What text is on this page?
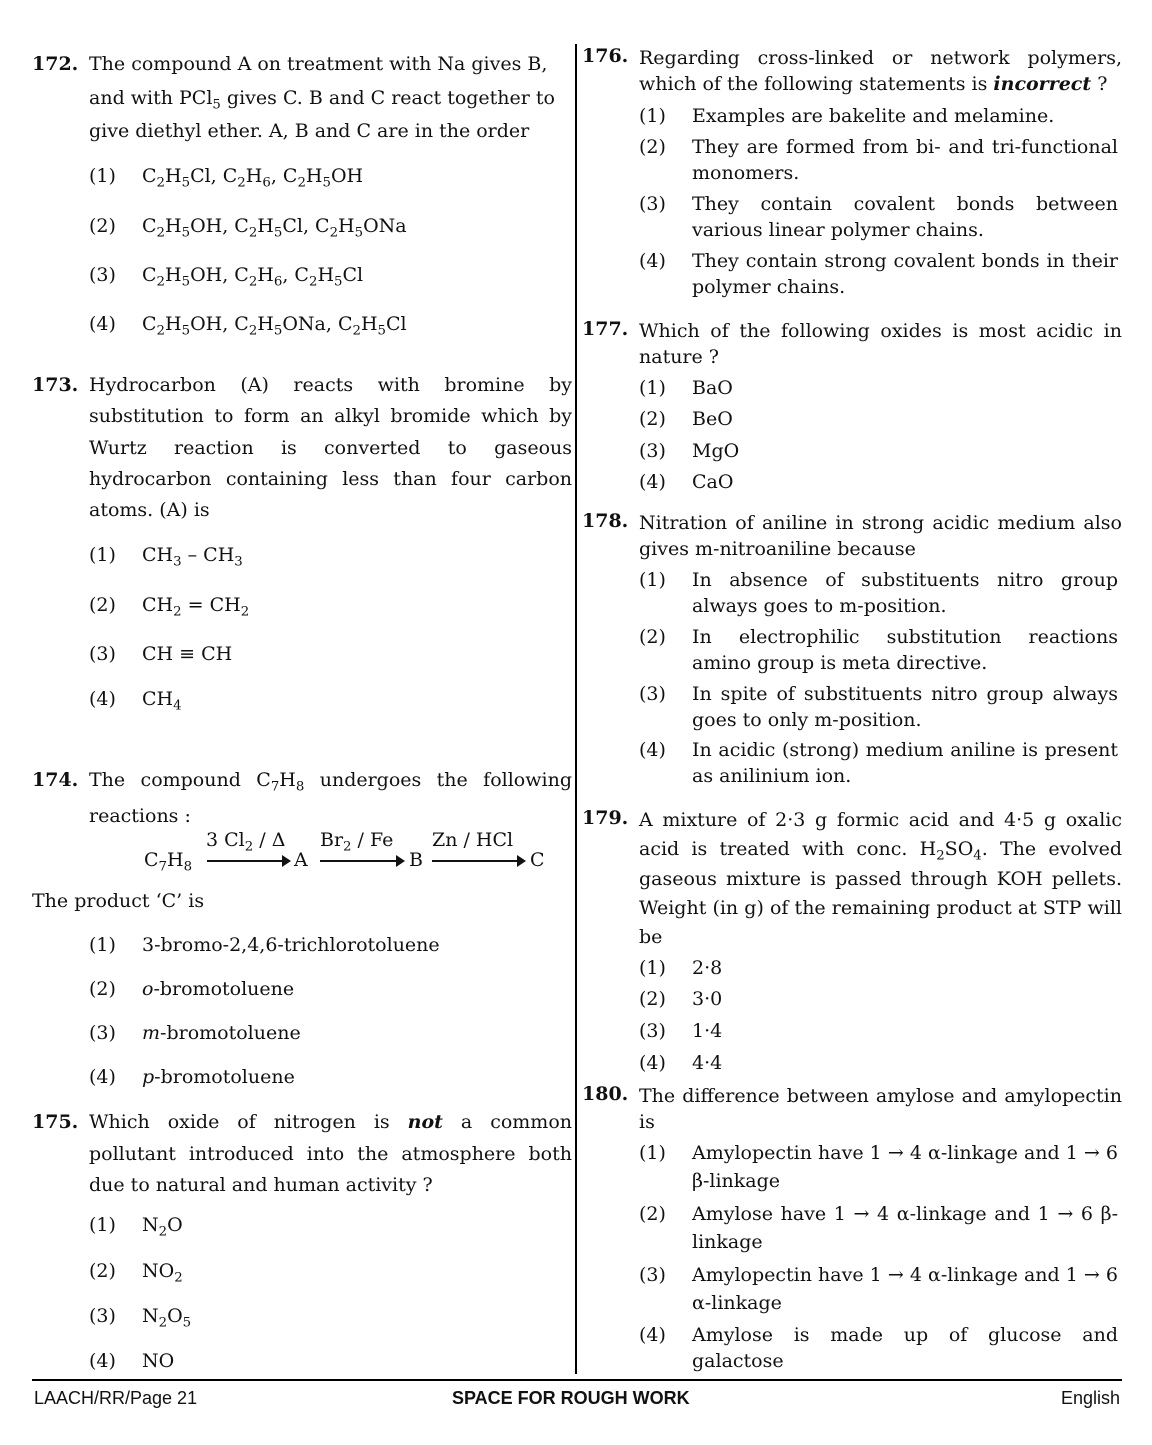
172. The compound A on treatment with Na gives B,
and with PCl$_5$ gives C. B and C react together to
give diethyl ether. A, B and C are in the order
(1)	$C_2H_5Cl$, $C_2H_6$, $C_2H_5OH$
(2)	$C_2H_5OH$, $C_2H_5Cl$, $C_2H_5ONa$
(3)	$C_2H_5OH$, $C_2H_6$, $C_2H_5Cl$
(4)	$C_2H_5OH$, $C_2H_5ONa$, $C_2H_5Cl$
173. Hydrocarbon (A) reacts with bromine by substitution to form an alkyl bromide which by Wurtz reaction is converted to gaseous hydrocarbon containing less than four carbon atoms. (A) is
(1)	$CH_3 - CH_3$
(2)	$CH_2 = CH_2$
(3)	CH ≡ CH
(4)	$CH_4$
174. The compound $C_7H_8$ undergoes the following reactions :
$C_7H_8$
3 $Cl_2$ / Δ
A
$Br_2$ / Fe
B
Zn / HCl
C
The product ‘C’ is
(1)	3-bromo-2,4,6-trichlorotoluene
(2)	o-bromotoluene
(3)	m-bromotoluene
(4)	p-bromotoluene
175. Which oxide of nitrogen is not a common pollutant introduced into the atmosphere both due to natural and human activity ?
(1)	$N_2O$
(2)	$NO_2$
(3)	$N_2O_5$
(4)	NO
176. Regarding cross-linked or network polymers, which of the following statements is incorrect ?
(1)	Examples are bakelite and melamine.
(2)	They are formed from bi- and tri-functional monomers.
(3)	They contain covalent bonds between various linear polymer chains.
(4)	They contain strong covalent bonds in their polymer chains.
177. Which of the following oxides is most acidic in nature ?
(1)	BaO
(2)	BeO
(3)	MgO
(4)	CaO
178. Nitration of aniline in strong acidic medium also gives m-nitroaniline because
(1)	In absence of substituents nitro group always goes to m-position.
(2)	In electrophilic substitution reactions amino group is meta directive.
(3)	In spite of substituents nitro group always goes to only m-position.
(4)	In acidic (strong) medium aniline is present as anilinium ion.
179. A mixture of 2·3 g formic acid and 4·5 g oxalic acid is treated with conc. $H_2SO_4$. The evolved gaseous mixture is passed through KOH pellets. Weight (in g) of the remaining product at STP will be
(1)	2·8
(2)	3·0
(3)	1·4
(4)	4·4
180. The difference between amylose and amylopectin is
(1)	Amylopectin have 1 → 4 α-linkage and 1 → 6 β-linkage
(2)	Amylose have 1 → 4 α-linkage and 1 → 6 β-linkage
(3)	Amylopectin have 1 → 4 α-linkage and 1 → 6 α-linkage
(4)	Amylose is made up of glucose and galactose
LAACH/RR/Page 21	SPACE FOR ROUGH WORK	English
